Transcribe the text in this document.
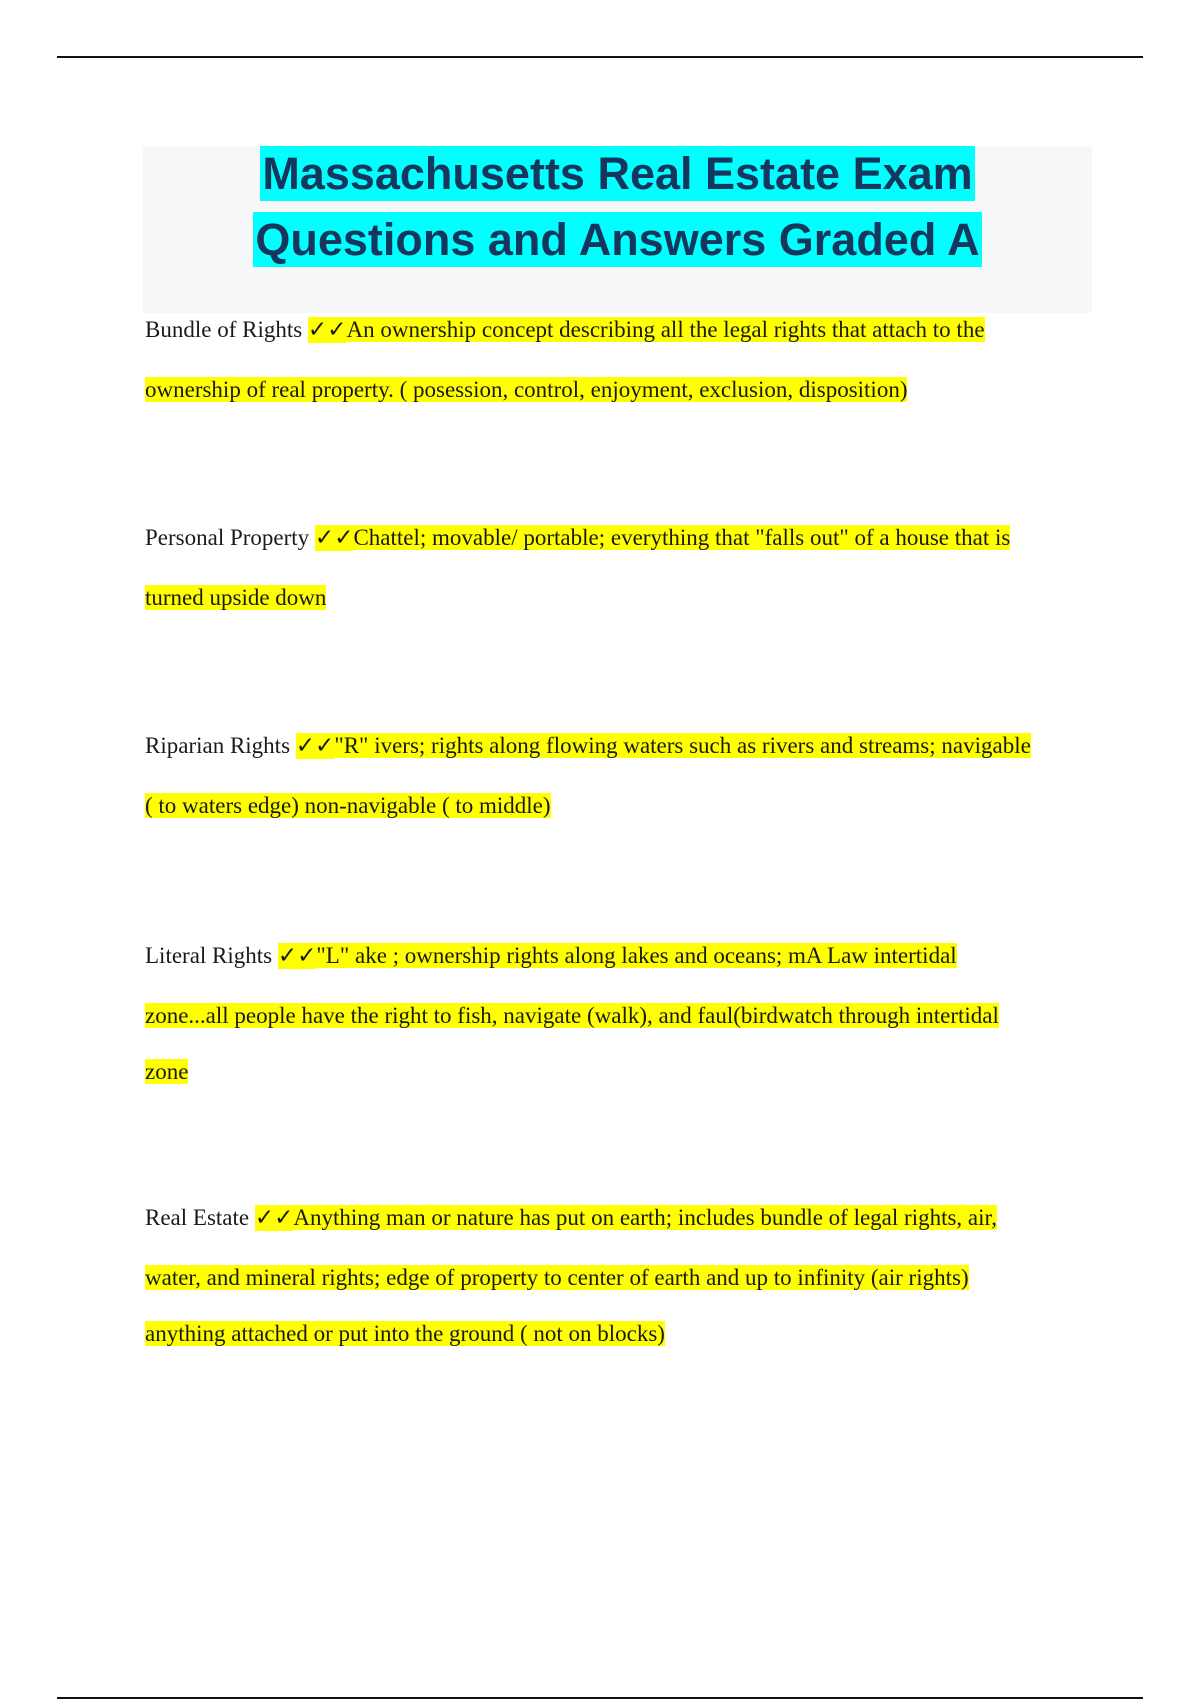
Massachusetts Real Estate Exam
Questions and Answers Graded A
Bundle of Rights ✓✓An ownership concept describing all the legal rights that attach to the
ownership of real property. ( posession, control, enjoyment, exclusion, disposition)
Personal Property ✓✓Chattel; movable/ portable; everything that "falls out" of a house that is
turned upside down
Riparian Rights ✓✓"R" ivers; rights along flowing waters such as rivers and streams; navigable
( to waters edge) non-navigable ( to middle)
Literal Rights ✓✓"L" ake ; ownership rights along lakes and oceans; mA Law intertidal
zone...all people have the right to fish, navigate (walk), and faul(birdwatch through intertidal
zone
Real Estate ✓✓Anything man or nature has put on earth; includes bundle of legal rights, air,
water, and mineral rights; edge of property to center of earth and up to infinity (air rights)
anything attached or put into the ground ( not on blocks)
